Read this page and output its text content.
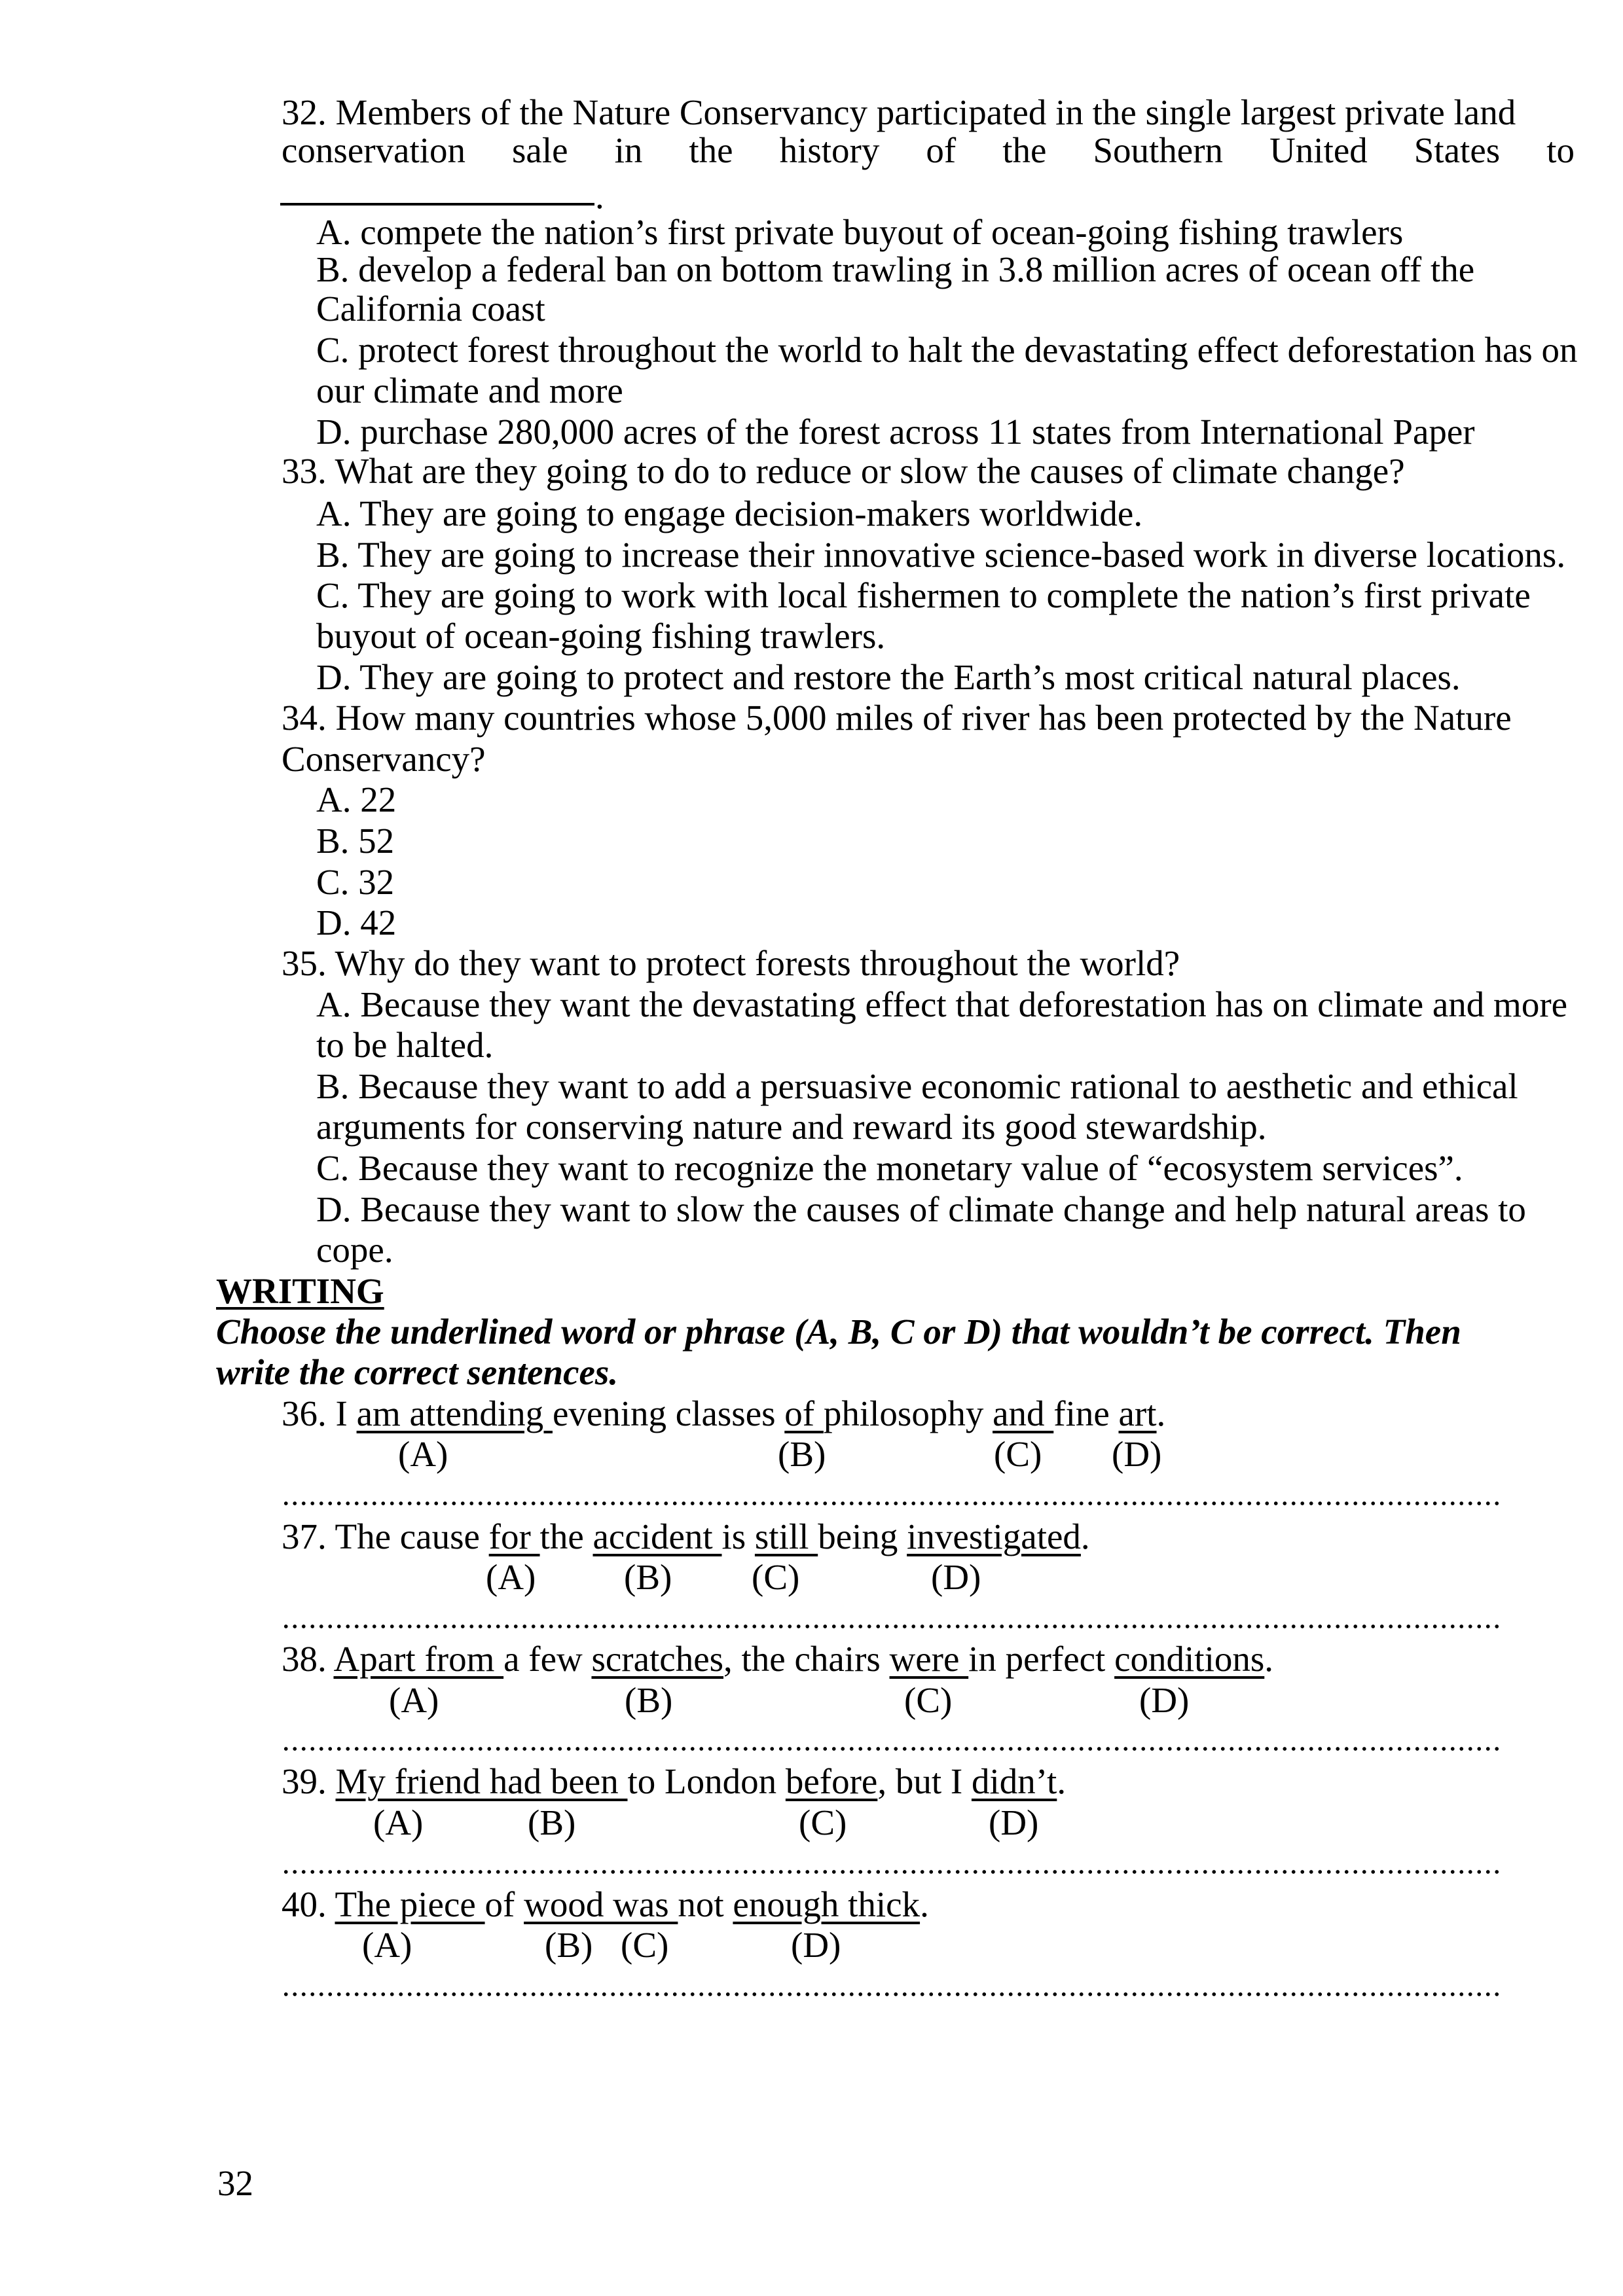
32. Members of the Nature Conservancy participated in the single largest private land
conservation sale in the history of the Southern United States to
.
A. compete the nation’s first private buyout of ocean-going fishing trawlers
B. develop a federal ban on bottom trawling in 3.8 million acres of ocean off the
California coast
C. protect forest throughout the world to halt the devastating effect deforestation has on
our climate and more
D. purchase 280,000 acres of the forest across 11 states from International Paper
33. What are they going to do to reduce or slow the causes of climate change?
A. They are going to engage decision-makers worldwide.
B. They are going to increase their innovative science-based work in diverse locations.
C. They are going to work with local fishermen to complete the nation’s first private
buyout of ocean-going fishing trawlers.
D. They are going to protect and restore the Earth’s most critical natural places.
34. How many countries whose 5,000 miles of river has been protected by the Nature
Conservancy?
A. 22
B. 52
C. 32
D. 42
35. Why do they want to protect forests throughout the world?
A. Because they want the devastating effect that deforestation has on climate and more
to be halted.
B. Because they want to add a persuasive economic rational to aesthetic and ethical
arguments for conserving nature and reward its good stewardship.
C. Because they want to recognize the monetary value of “ecosystem services”.
D. Because they want to slow the causes of climate change and help natural areas to
cope.
WRITING
Choose the underlined word or phrase (A, B, C or D) that wouldn’t be correct. Then write the correct sentences.
36. I am attending evening classes of philosophy and fine art.
(A)	(B)	(C) (D)
37. The cause for the accident is still being investigated.
(A) (B) (C)	(D)
38. Apart from a few scratches, the chairs were in perfect conditions.
(A)	(B)	(C)	(D)
39. My friend had been to London before, but I didn’t.
(A)	(B)	(C)	(D)
40. The piece of wood was not enough thick.
(A)	(B) (C)	(D)
32
